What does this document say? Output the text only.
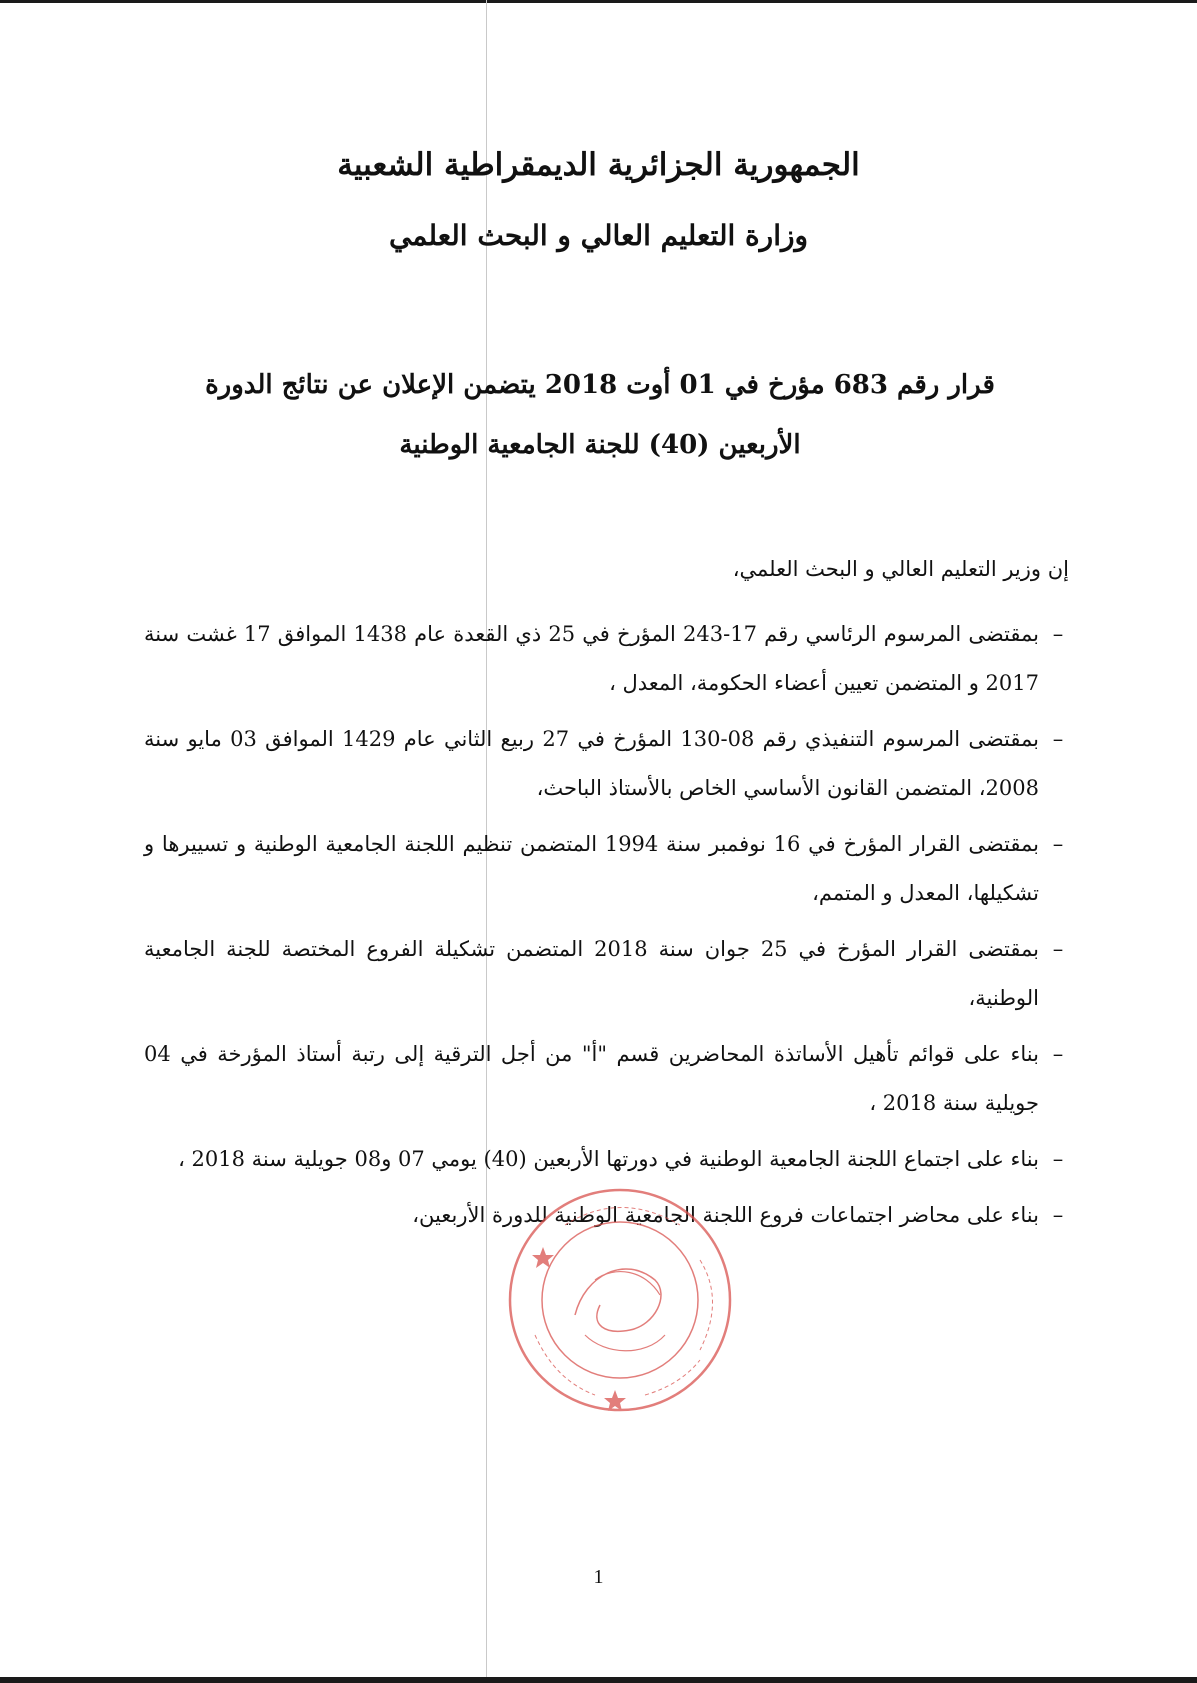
الجمهورية الجزائرية الديمقراطية الشعبية

وزارة التعليم العالي و البحث العلمي

قرار رقم 683 مؤرخ في 01 أوت 2018 يتضمن الإعلان عن نتائج الدورة
الأربعين (40) للجنة الجامعية الوطنية
إن وزير التعليم العالي و البحث العلمي،
–
بمقتضى المرسوم الرئاسي رقم 17-243 المؤرخ في 25 ذي القعدة عام 1438 الموافق 17 غشت سنة 2017 و المتضمن تعيين أعضاء الحكومة، المعدل ،
–
بمقتضى المرسوم التنفيذي رقم 08-130 المؤرخ في 27 ربيع الثاني عام 1429 الموافق 03 مايو سنة 2008، المتضمن القانون الأساسي الخاص بالأستاذ الباحث،
–
بمقتضى القرار المؤرخ في 16 نوفمبر سنة 1994 المتضمن تنظيم اللجنة الجامعية الوطنية و تسييرها و تشكيلها، المعدل و المتمم،
–
بمقتضى القرار المؤرخ في 25 جوان سنة 2018 المتضمن تشكيلة الفروع المختصة للجنة الجامعية الوطنية،
–
بناء على قوائم تأهيل الأساتذة المحاضرين قسم "أ" من أجل الترقية إلى رتبة أستاذ المؤرخة في 04 جويلية سنة 2018 ،
–
بناء على اجتماع اللجنة الجامعية الوطنية في دورتها الأربعين (40) يومي 07 و08 جويلية سنة 2018 ،
–
بناء على محاضر اجتماعات فروع اللجنة الجامعية الوطنية للدورة الأربعين،
1
